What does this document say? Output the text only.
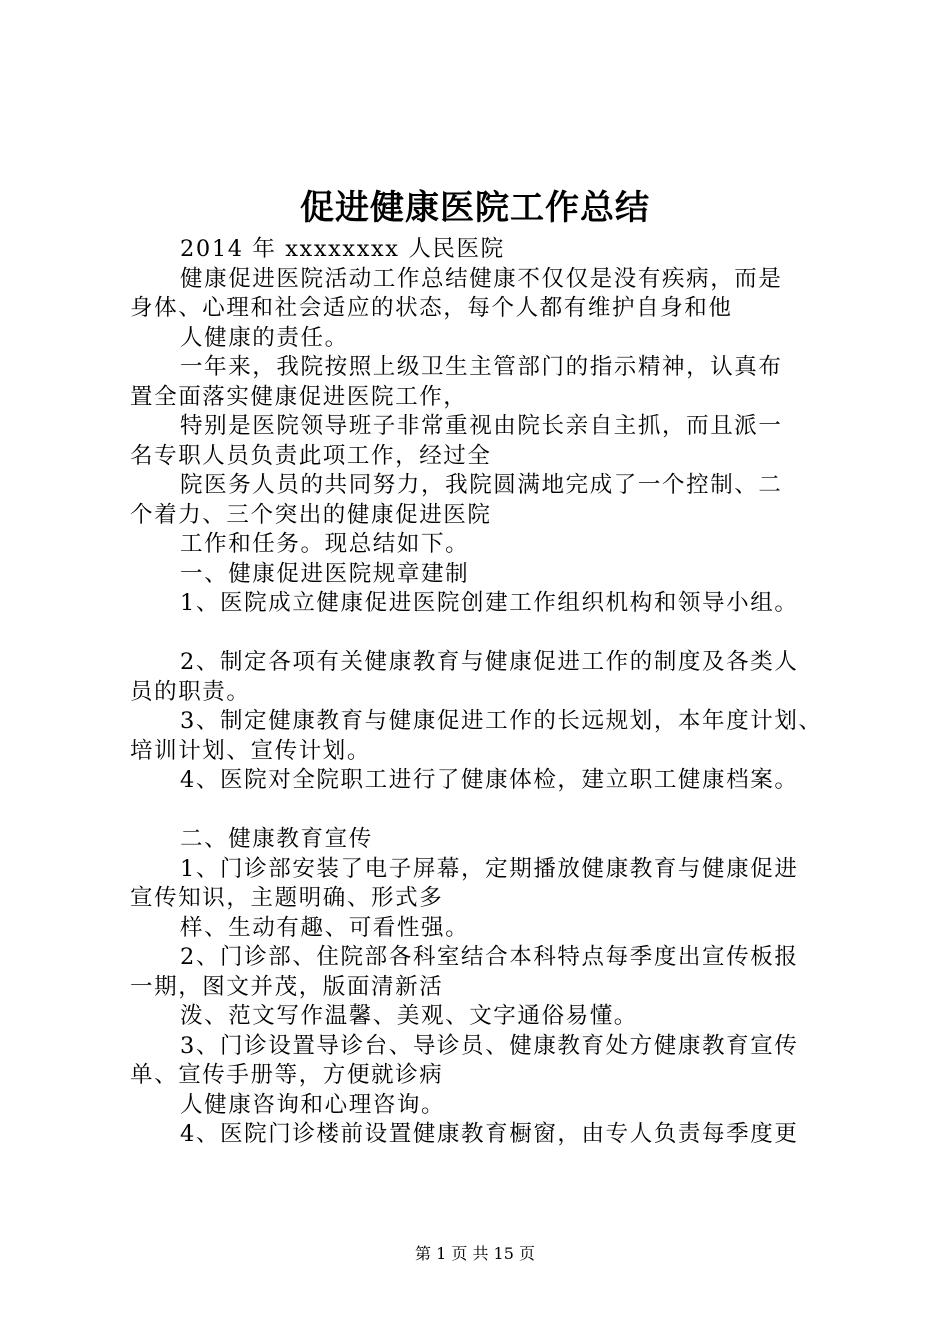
促进健康医院工作总结
2014 年 xxxxxxxx 人民医院
健康促进医院活动工作总结健康不仅仅是没有疾病，而是
身体、心理和社会适应的状态，每个人都有维护自身和他
人健康的责任。
一年来，我院按照上级卫生主管部门的指示精神，认真布
置全面落实健康促进医院工作，
特别是医院领导班子非常重视由院长亲自主抓，而且派一
名专职人员负责此项工作，经过全
院医务人员的共同努力，我院圆满地完成了一个控制、二
个着力、三个突出的健康促进医院
工作和任务。现总结如下。
一、健康促进医院规章建制
1、医院成立健康促进医院创建工作组织机构和领导小组。
2、制定各项有关健康教育与健康促进工作的制度及各类人
员的职责。
3、制定健康教育与健康促进工作的长远规划，本年度计划、
培训计划、宣传计划。
4、医院对全院职工进行了健康体检，建立职工健康档案。
二、健康教育宣传
1、门诊部安装了电子屏幕，定期播放健康教育与健康促进
宣传知识，主题明确、形式多
样、生动有趣、可看性强。
2、门诊部、住院部各科室结合本科特点每季度出宣传板报
一期，图文并茂，版面清新活
泼、范文写作温馨、美观、文字通俗易懂。
3、门诊设置导诊台、导诊员、健康教育处方健康教育宣传
单、宣传手册等，方便就诊病
人健康咨询和心理咨询。
4、医院门诊楼前设置健康教育橱窗，由专人负责每季度更
第 1 页 共 15 页
